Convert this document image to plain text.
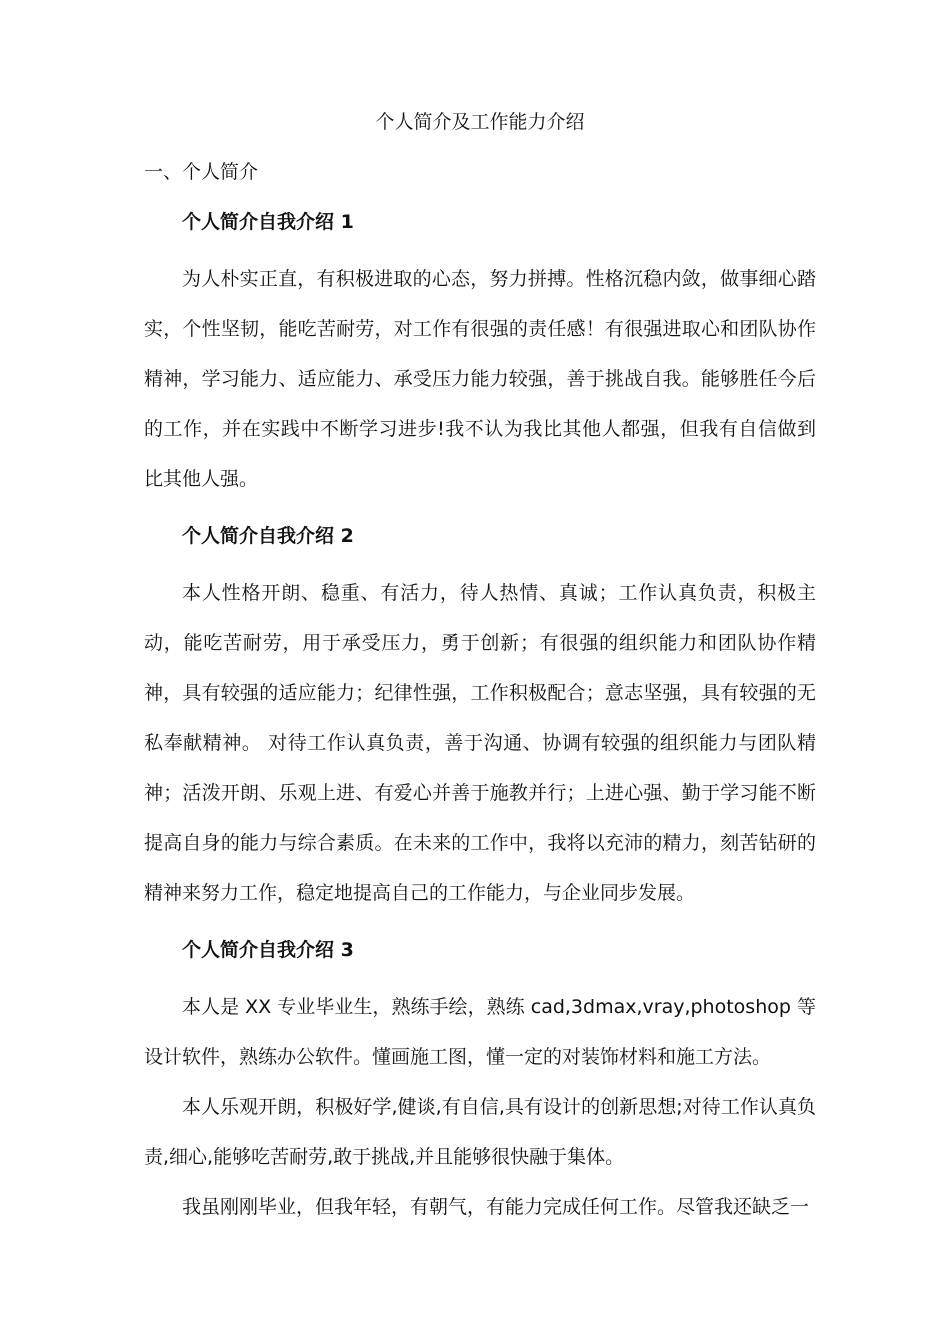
个人简介及工作能力介绍
一、个人简介
个人简介自我介绍 1

为人朴实正直，有积极进取的心态，努力拼搏。性格沉稳内敛，做事细心踏实，个性坚韧，能吃苦耐劳，对工作有很强的责任感！有很强进取心和团队协作精神，学习能力、适应能力、承受压力能力较强，善于挑战自我。能够胜任今后的工作，并在实践中不断学习进步!我不认为我比其他人都强，但我有自信做到比其他人强。

个人简介自我介绍 2

本人性格开朗、稳重、有活力，待人热情、真诚；工作认真负责，积极主动，能吃苦耐劳，用于承受压力，勇于创新；有很强的组织能力和团队协作精神，具有较强的适应能力；纪律性强，工作积极配合；意志坚强，具有较强的无私奉献精神。 对待工作认真负责，善于沟通、协调有较强的组织能力与团队精神；活泼开朗、乐观上进、有爱心并善于施教并行；上进心强、勤于学习能不断提高自身的能力与综合素质。在未来的工作中，我将以充沛的精力，刻苦钻研的精神来努力工作，稳定地提高自己的工作能力，与企业同步发展。

个人简介自我介绍 3

本人是 XX 专业毕业生，熟练手绘，熟练 cad,3dmax,vray,photoshop 等设计软件，熟练办公软件。懂画施工图，懂一定的对装饰材料和施工方法。

本人乐观开朗，积极好学,健谈,有自信,具有设计的创新思想;对待工作认真负责,细心,能够吃苦耐劳,敢于挑战,并且能够很快融于集体。

我虽刚刚毕业，但我年轻，有朝气，有能力完成任何工作。尽管我还缺乏一
